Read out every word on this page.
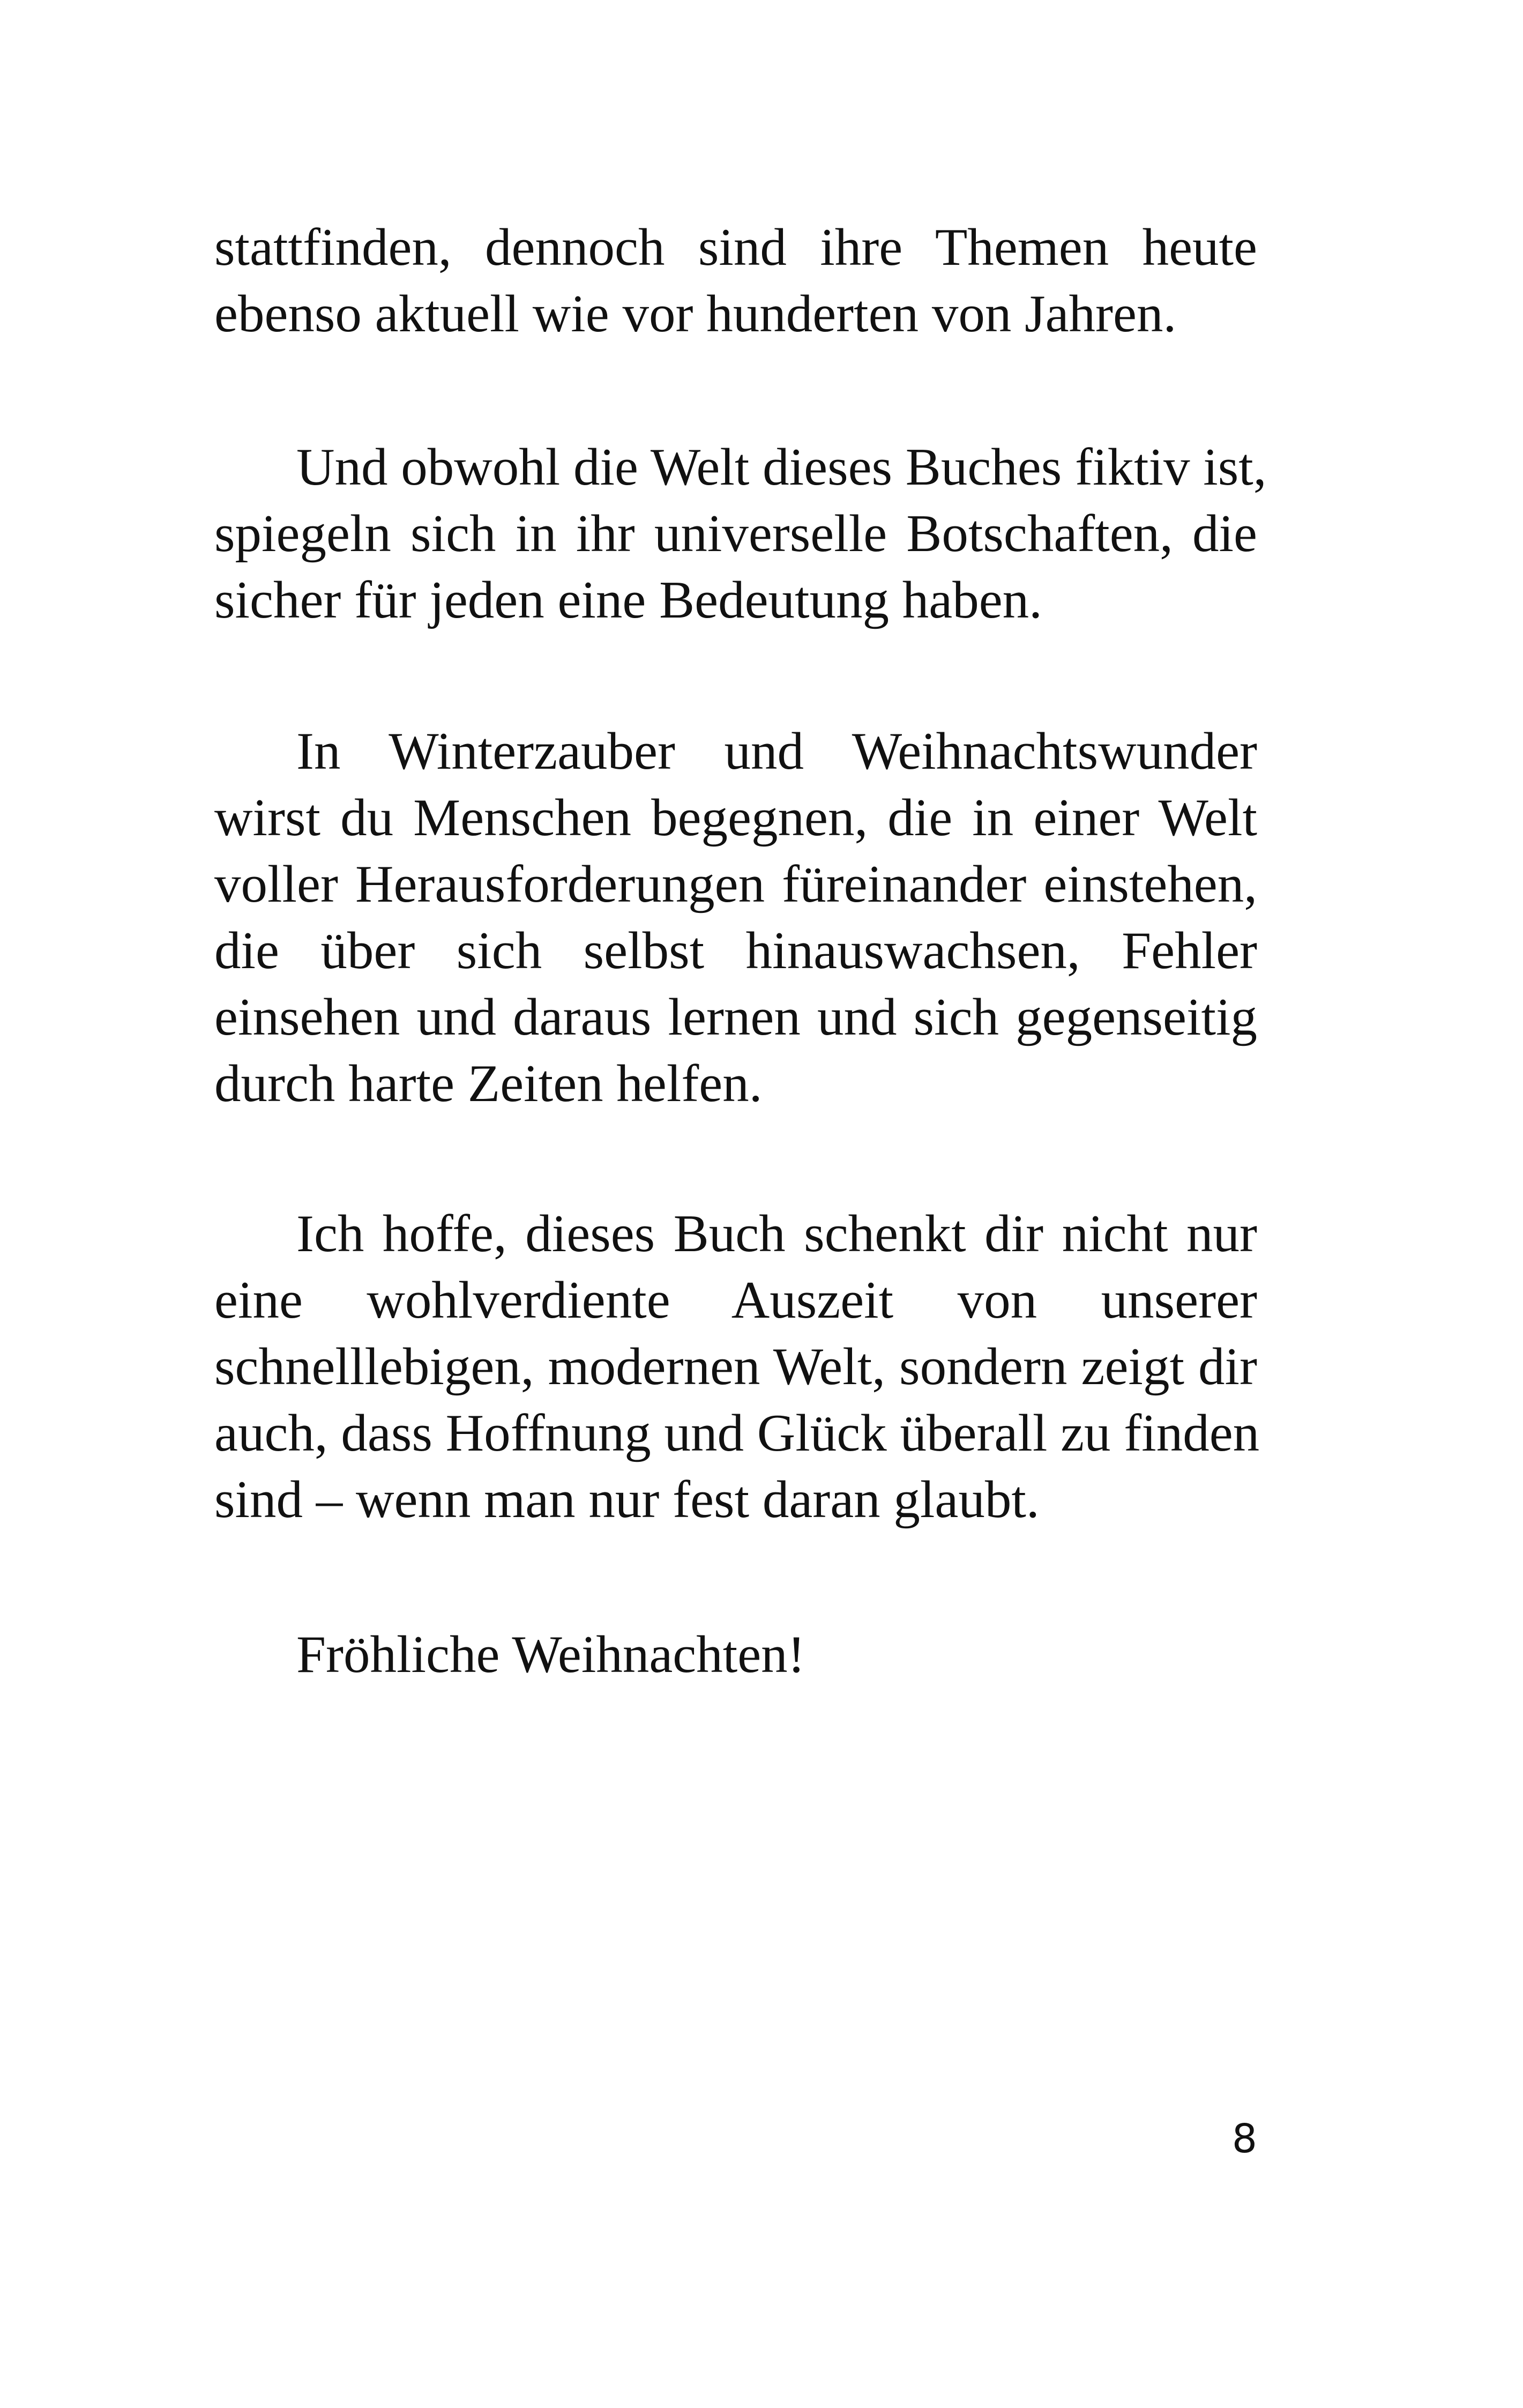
stattfinden, dennoch sind ihre Themen heute
ebenso aktuell wie vor hunderten von Jahren.
Und obwohl die Welt dieses Buches fiktiv ist,
spiegeln sich in ihr universelle Botschaften, die
sicher für jeden eine Bedeutung haben.
In Winterzauber und Weihnachtswunder
wirst du Menschen begegnen, die in einer Welt
voller Herausforderungen füreinander einstehen,
die über sich selbst hinauswachsen, Fehler
einsehen und daraus lernen und sich gegenseitig
durch harte Zeiten helfen.
Ich hoffe, dieses Buch schenkt dir nicht nur
eine wohlverdiente Auszeit von unserer
schnelllebigen, modernen Welt, sondern zeigt dir
auch, dass Hoffnung und Glück überall zu finden
sind – wenn man nur fest daran glaubt.
Fröhliche Weihnachten!
8
